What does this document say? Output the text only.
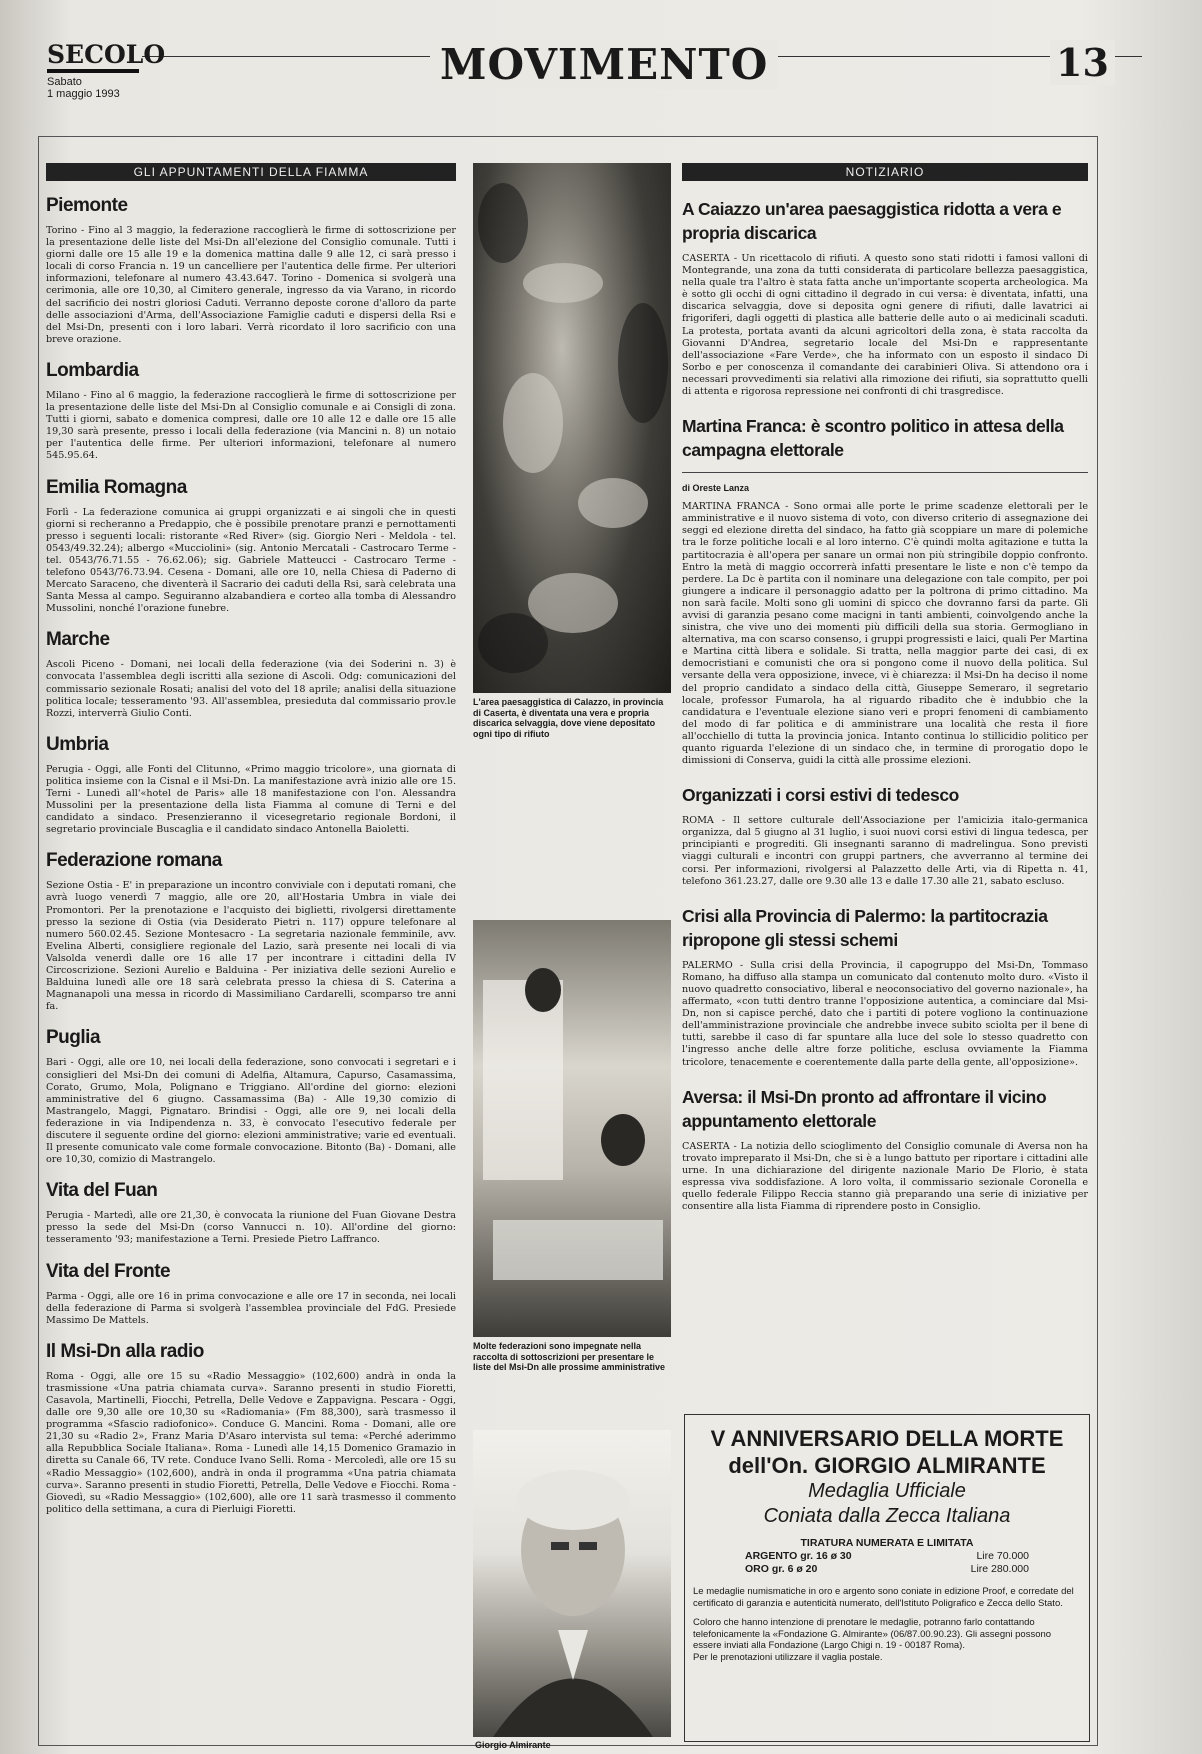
SECOLO
Sabato
1 maggio 1993
MOVIMENTO	13
GLI APPUNTAMENTI DELLA FIAMMA
Piemonte

Torino - Fino al 3 maggio, la federazione raccoglierà le firme di sottoscrizione per la presentazione delle liste del Msi-Dn all'elezione del Consiglio comunale. Tutti i giorni dalle ore 15 alle 19 e la domenica mattina dalle 9 alle 12, ci sarà presso i locali di corso Francia n. 19 un cancelliere per l'autentica delle firme. Per ulteriori informazioni, telefonare al numero 43.43.647. Torino - Domenica si svolgerà una cerimonia, alle ore 10,30, al Cimitero generale, ingresso da via Varano, in ricordo del sacrificio dei nostri gloriosi Caduti. Verranno deposte corone d'alloro da parte delle associazioni d'Arma, dell'Associazione Famiglie caduti e dispersi della Rsi e del Msi-Dn, presenti con i loro labari. Verrà ricordato il loro sacrificio con una breve orazione.

Lombardia

Milano - Fino al 6 maggio, la federazione raccoglierà le firme di sottoscrizione per la presentazione delle liste del Msi-Dn al Consiglio comunale e ai Consigli di zona. Tutti i giorni, sabato e domenica compresi, dalle ore 10 alle 12 e dalle ore 15 alle 19,30 sarà presente, presso i locali della federazione (via Mancini n. 8) un notaio per l'autentica delle firme. Per ulteriori informazioni, telefonare al numero 545.95.64.

Emilia Romagna

Forlì - La federazione comunica ai gruppi organizzati e ai singoli che in questi giorni si recheranno a Predappio, che è possibile prenotare pranzi e pernottamenti presso i seguenti locali: ristorante «Red River» (sig. Giorgio Neri - Meldola - tel. 0543/49.32.24); albergo «Mucciolini» (sig. Antonio Mercatali - Castrocaro Terme - tel. 0543/76.71.55 - 76.62.06); sig. Gabriele Matteucci - Castrocaro Terme - telefono 0543/76.73.94. Cesena - Domani, alle ore 10, nella Chiesa di Paderno di Mercato Saraceno, che diventerà il Sacrario dei caduti della Rsi, sarà celebrata una Santa Messa al campo. Seguiranno alzabandiera e corteo alla tomba di Alessandro Mussolini, nonché l'orazione funebre.

Marche

Ascoli Piceno - Domani, nei locali della federazione (via dei Soderini n. 3) è convocata l'assemblea degli iscritti alla sezione di Ascoli. Odg: comunicazioni del commissario sezionale Rosati; analisi del voto del 18 aprile; analisi della situazione politica locale; tesseramento '93. All'assemblea, presieduta dal commissario prov.le Rozzi, interverrà Giulio Conti.

Umbria

Perugia - Oggi, alle Fonti del Clitunno, «Primo maggio tricolore», una giornata di politica insieme con la Cisnal e il Msi-Dn. La manifestazione avrà inizio alle ore 15. Terni - Lunedì all'«hotel de Paris» alle 18 manifestazione con l'on. Alessandra Mussolini per la presentazione della lista Fiamma al comune di Terni e del candidato a sindaco. Presenzieranno il vicesegretario regionale Bordoni, il segretario provinciale Buscaglia e il candidato sindaco Antonella Baioletti.

Federazione romana

Sezione Ostia - E' in preparazione un incontro conviviale con i deputati romani, che avrà luogo venerdì 7 maggio, alle ore 20, all'Hostaria Umbra in viale dei Promontori. Per la prenotazione e l'acquisto dei biglietti, rivolgersi direttamente presso la sezione di Ostia (via Desiderato Pietri n. 117) oppure telefonare al numero 560.02.45. Sezione Montesacro - La segretaria nazionale femminile, avv. Evelina Alberti, consigliere regionale del Lazio, sarà presente nei locali di via Valsolda venerdì dalle ore 16 alle 17 per incontrare i cittadini della IV Circoscrizione. Sezioni Aurelio e Balduina - Per iniziativa delle sezioni Aurelio e Balduina lunedì alle ore 18 sarà celebrata presso la chiesa di S. Caterina a Magnanapoli una messa in ricordo di Massimiliano Cardarelli, scomparso tre anni fa.

Puglia

Bari - Oggi, alle ore 10, nei locali della federazione, sono convocati i segretari e i consiglieri del Msi-Dn dei comuni di Adelfia, Altamura, Capurso, Casamassima, Corato, Grumo, Mola, Polignano e Triggiano. All'ordine del giorno: elezioni amministrative del 6 giugno. Cassamassima (Ba) - Alle 19,30 comizio di Mastrangelo, Maggi, Pignataro. Brindisi - Oggi, alle ore 9, nei locali della federazione in via Indipendenza n. 33, è convocato l'esecutivo federale per discutere il seguente ordine del giorno: elezioni amministrative; varie ed eventuali. Il presente comunicato vale come formale convocazione. Bitonto (Ba) - Domani, alle ore 10,30, comizio di Mastrangelo.

Vita del Fuan

Perugia - Martedì, alle ore 21,30, è convocata la riunione del Fuan Giovane Destra presso la sede del Msi-Dn (corso Vannucci n. 10). All'ordine del giorno: tesseramento '93; manifestazione a Terni. Presiede Pietro Laffranco.

Vita del Fronte

Parma - Oggi, alle ore 16 in prima convocazione e alle ore 17 in seconda, nei locali della federazione di Parma si svolgerà l'assemblea provinciale del FdG. Presiede Massimo De Mattels.

Il Msi-Dn alla radio

Roma - Oggi, alle ore 15 su «Radio Messaggio» (102,600) andrà in onda la trasmissione «Una patria chiamata curva». Saranno presenti in studio Fioretti, Casavola, Martinelli, Fiocchi, Petrella, Delle Vedove e Zappavigna. Pescara - Oggi, dalle ore 9,30 alle ore 10,30 su «Radiomania» (Fm 88,300), sarà trasmesso il programma «Sfascio radiofonico». Conduce G. Mancini. Roma - Domani, alle ore 21,30 su «Radio 2», Franz Maria D'Asaro intervista sul tema: «Perché aderimmo alla Repubblica Sociale Italiana». Roma - Lunedì alle 14,15 Domenico Gramazio in diretta su Canale 66, TV rete. Conduce Ivano Selli. Roma - Mercoledì, alle ore 15 su «Radio Messaggio» (102,600), andrà in onda il programma «Una patria chiamata curva». Saranno presenti in studio Fioretti, Petrella, Delle Vedove e Fiocchi. Roma - Giovedì, su «Radio Messaggio» (102,600), alle ore 11 sarà trasmesso il commento politico della settimana, a cura di Pierluigi Fioretti.

L'area paesaggistica di Calazzo, in provincia di Caserta, è diventata una vera e propria discarica selvaggia, dove viene depositato ogni tipo di rifiuto
Molte federazioni sono impegnate nella raccolta di sottoscrizioni per presentare le liste del Msi-Dn alle prossime amministrative
Giorgio Almirante
NOTIZIARIO
A Caiazzo un'area paesaggistica ridotta a vera e propria discarica

CASERTA - Un ricettacolo di rifiuti. A questo sono stati ridotti i famosi valloni di Montegrande, una zona da tutti considerata di particolare bellezza paesaggistica, nella quale tra l'altro è stata fatta anche un'importante scoperta archeologica. Ma è sotto gli occhi di ogni cittadino il degrado in cui versa: è diventata, infatti, una discarica selvaggia, dove si deposita ogni genere di rifiuti, dalle lavatrici ai frigoriferi, dagli oggetti di plastica alle batterie delle auto o ai medicinali scaduti. La protesta, portata avanti da alcuni agricoltori della zona, è stata raccolta da Giovanni D'Andrea, segretario locale del Msi-Dn e rappresentante dell'associazione «Fare Verde», che ha informato con un esposto il sindaco Di Sorbo e per conoscenza il comandante dei carabinieri Oliva. Si attendono ora i necessari provvedimenti sia relativi alla rimozione dei rifiuti, sia soprattutto quelli di attenta e rigorosa repressione nei confronti di chi trasgredisce.

Martina Franca: è scontro politico in attesa della campagna elettorale
di Oreste Lanza

MARTINA FRANCA - Sono ormai alle porte le prime scadenze elettorali per le amministrative e il nuovo sistema di voto, con diverso criterio di assegnazione dei seggi ed elezione diretta del sindaco, ha fatto già scoppiare un mare di polemiche tra le forze politiche locali e al loro interno. C'è quindi molta agitazione e tutta la partitocrazia è all'opera per sanare un ormai non più stringibile doppio confronto. Entro la metà di maggio occorrerà infatti presentare le liste e non c'è tempo da perdere. La Dc è partita con il nominare una delegazione con tale compito, per poi giungere a indicare il personaggio adatto per la poltrona di primo cittadino. Ma non sarà facile. Molti sono gli uomini di spicco che dovranno farsi da parte. Gli avvisi di garanzia pesano come macigni in tanti ambienti, coinvolgendo anche la sinistra, che vive uno dei momenti più difficili della sua storia. Germogliano in alternativa, ma con scarso consenso, i gruppi progressisti e laici, quali Per Martina e Martina città libera e solidale. Si tratta, nella maggior parte dei casi, di ex democristiani e comunisti che ora si pongono come il nuovo della politica. Sul versante della vera opposizione, invece, vi è chiarezza: il Msi-Dn ha deciso il nome del proprio candidato a sindaco della città, Giuseppe Semeraro, il segretario locale, professor Fumarola, ha al riguardo ribadito che è indubbio che la candidatura e l'eventuale elezione siano veri e propri fenomeni di cambiamento del modo di far politica e di amministrare una località che resta il fiore all'occhiello di tutta la provincia jonica. Intanto continua lo stillicidio politico per quanto riguarda l'elezione di un sindaco che, in termine di prorogatio dopo le dimissioni di Conserva, guidi la città alle prossime elezioni.

Organizzati i corsi estivi di tedesco

ROMA - Il settore culturale dell'Associazione per l'amicizia italo-germanica organizza, dal 5 giugno al 31 luglio, i suoi nuovi corsi estivi di lingua tedesca, per principianti e progrediti. Gli insegnanti saranno di madrelingua. Sono previsti viaggi culturali e incontri con gruppi partners, che avverranno al termine dei corsi. Per informazioni, rivolgersi al Palazzetto delle Arti, via di Ripetta n. 41, telefono 361.23.27, dalle ore 9.30 alle 13 e dalle 17.30 alle 21, sabato escluso.

Crisi alla Provincia di Palermo: la partitocrazia ripropone gli stessi schemi

PALERMO - Sulla crisi della Provincia, il capogruppo del Msi-Dn, Tommaso Romano, ha diffuso alla stampa un comunicato dal contenuto molto duro. «Visto il nuovo quadretto consociativo, liberal e neoconsociativo del governo nazionale», ha affermato, «con tutti dentro tranne l'opposizione autentica, a cominciare dal Msi-Dn, non si capisce perché, dato che i partiti di potere vogliono la continuazione dell'amministrazione provinciale che andrebbe invece subito sciolta per il bene di tutti, sarebbe il caso di far spuntare alla luce del sole lo stesso quadretto con l'ingresso anche delle altre forze politiche, esclusa ovviamente la Fiamma tricolore, tenacemente e coerentemente dalla parte della gente, all'opposizione».

Aversa: il Msi-Dn pronto ad affrontare il vicino appuntamento elettorale

CASERTA - La notizia dello scioglimento del Consiglio comunale di Aversa non ha trovato impreparato il Msi-Dn, che si è a lungo battuto per riportare i cittadini alle urne. In una dichiarazione del dirigente nazionale Mario De Florio, è stata espressa viva soddisfazione. A loro volta, il commissario sezionale Coronella e quello federale Filippo Reccia stanno già preparando una serie di iniziative per consentire alla lista Fiamma di riprendere posto in Consiglio.

V ANNIVERSARIO DELLA MORTE
dell'On. GIORGIO ALMIRANTE
Medaglia Ufficiale
Coniata dalla Zecca Italiana
TIRATURA NUMERATA E LIMITATA
ARGENTO gr. 16 ø 30	Lire 70.000
ORO gr. 6 ø 20	Lire 280.000
Le medaglie numismatiche in oro e argento sono coniate in edizione Proof, e corredate del certificato di garanzia e autenticità numerato, dell'Istituto Poligrafico e Zecca dello Stato.
Coloro che hanno intenzione di prenotare le medaglie, potranno farlo contattando telefonicamente la «Fondazione G. Almirante» (06/87.00.90.23). Gli assegni possono essere inviati alla Fondazione (Largo Chigi n. 19 - 00187 Roma).
Per le prenotazioni utilizzare il vaglia postale.
